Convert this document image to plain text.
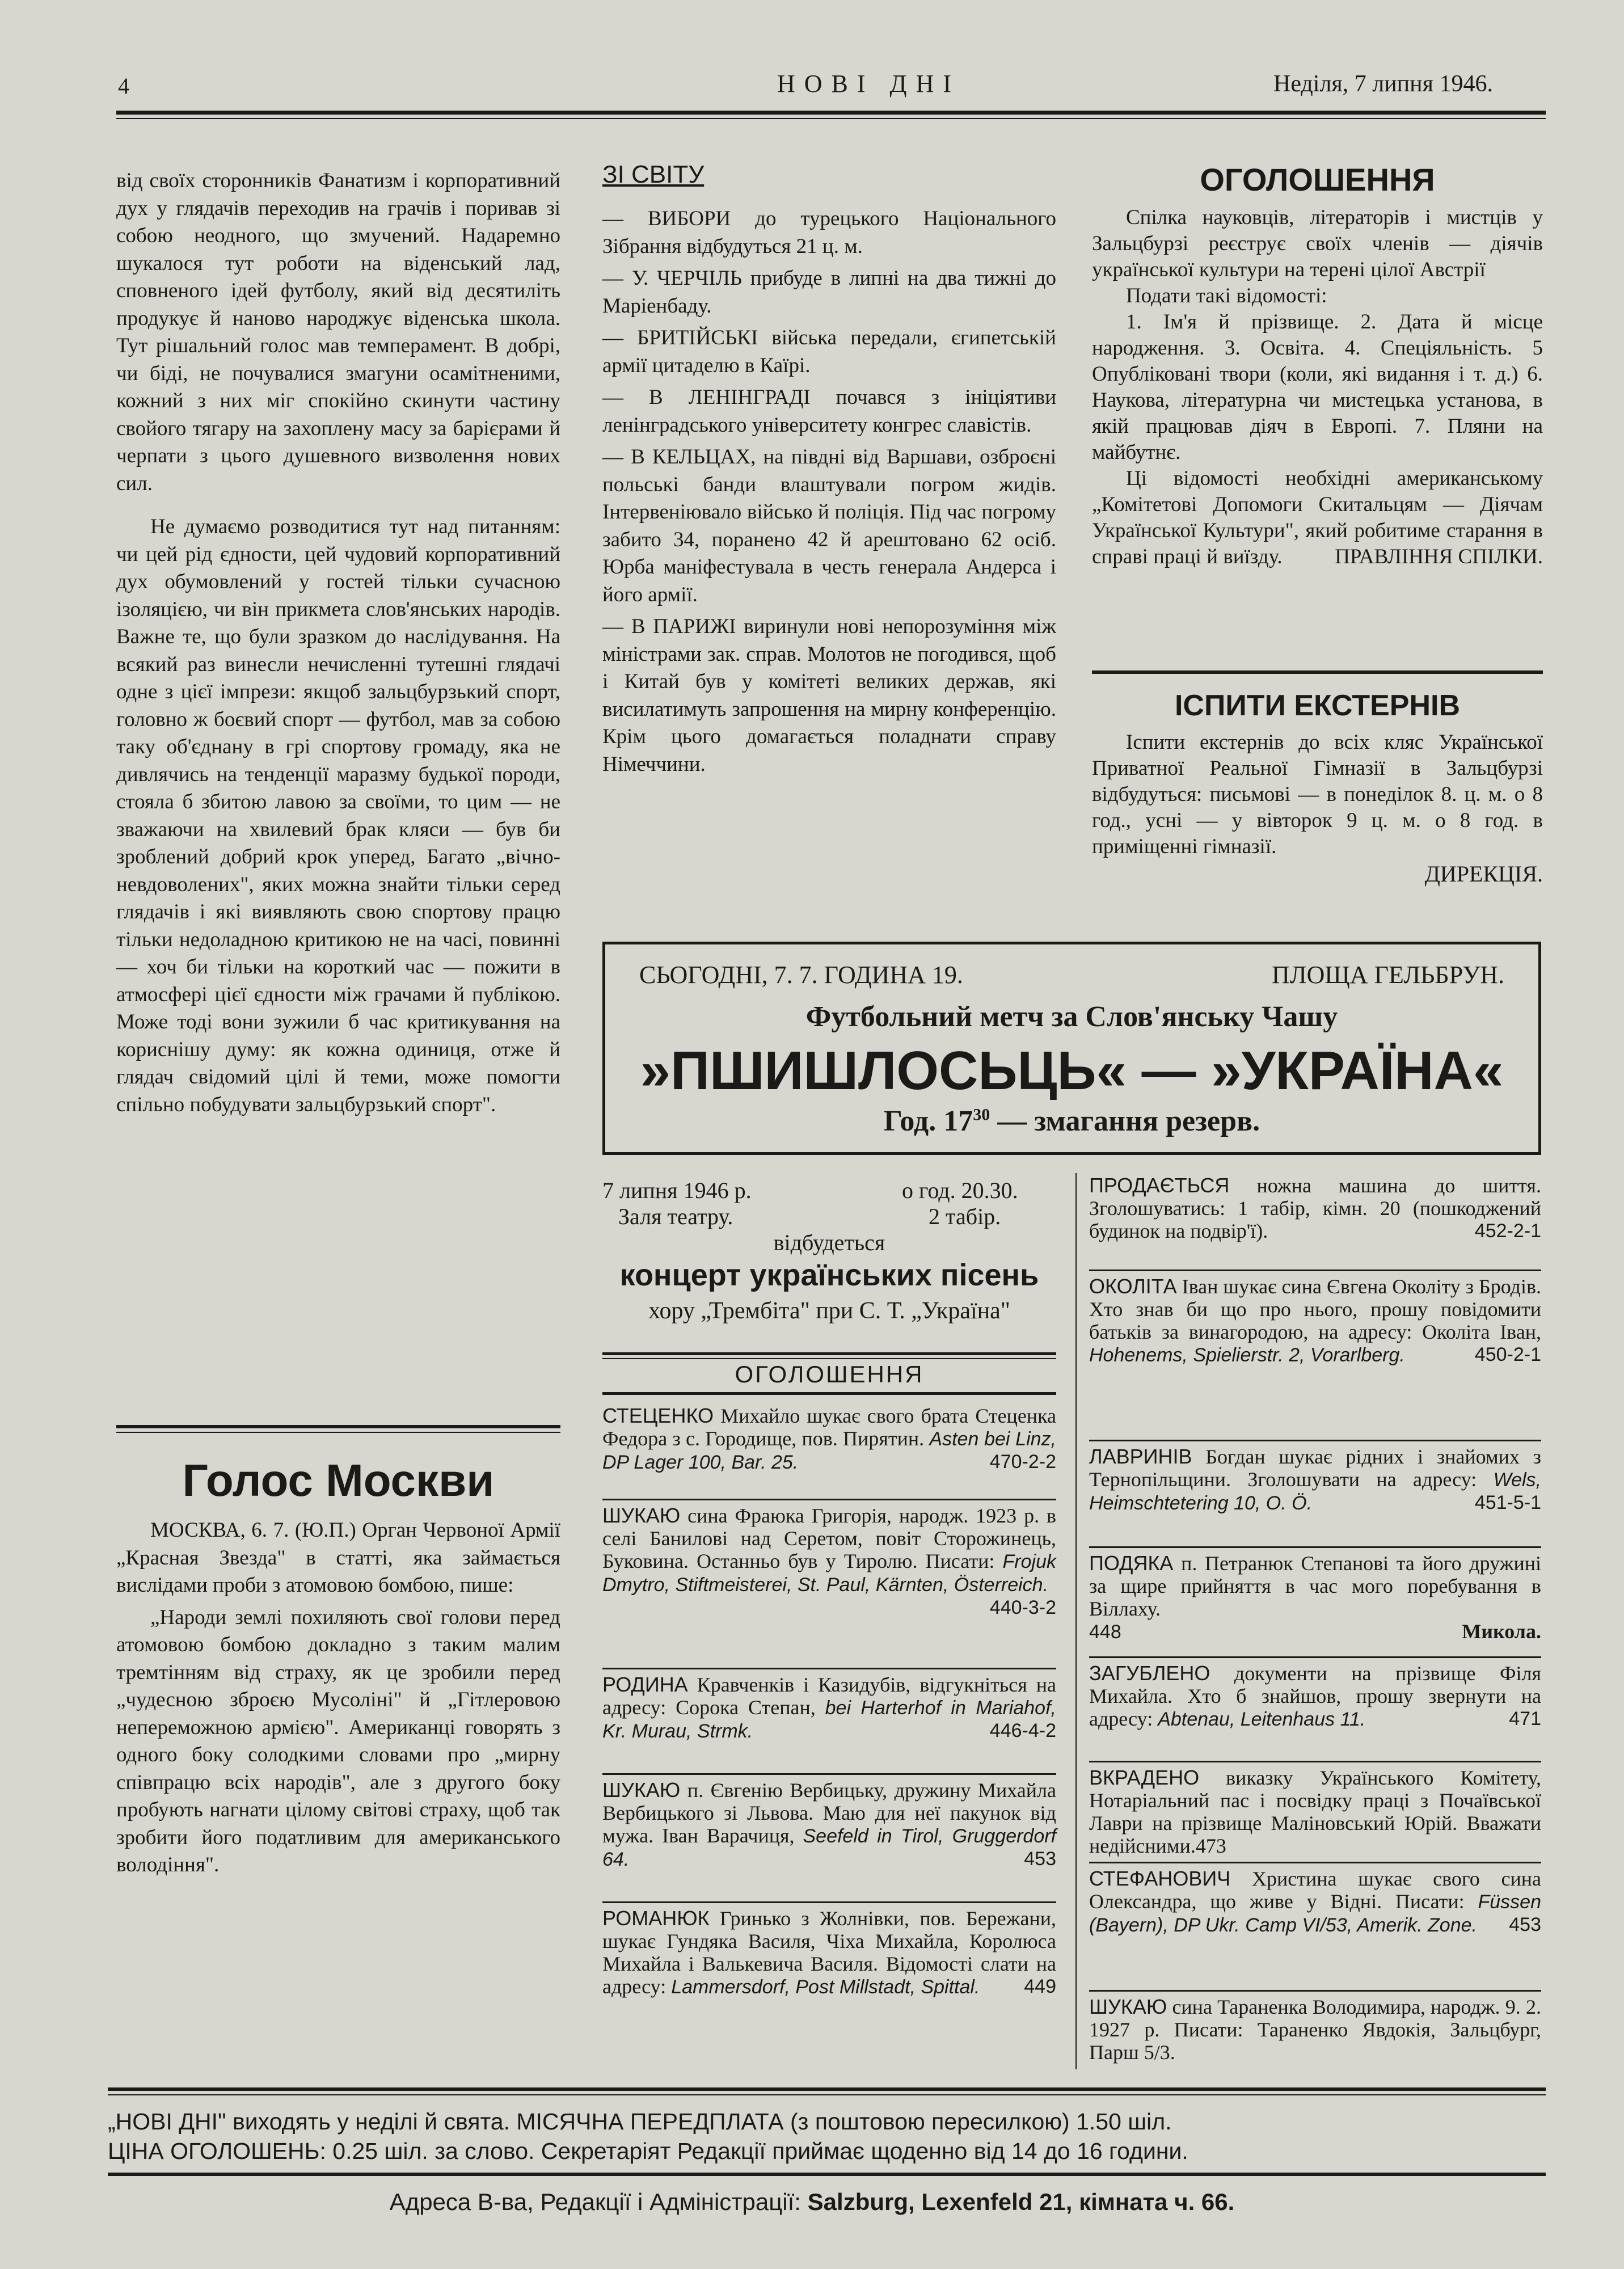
4	НОВІ ДНІ	Неділя, 7 липня 1946.

від своїх сторонників Фанатизм і корпоративний дух у глядачів переходив на грачів і поривав зі собою неодного, що змучений. Надаремно шукалося тут роботи на віденський лад, сповненого ідей футболу, який від десятиліть продукує й наново народжує віденська школа. Тут рішальний голос мав темперамент. В добрі, чи біді, не почувалися змагуни осамітненими, кожний з них міг спокійно скинути частину свойого тягару на захоплену масу за барієрами й черпати з цього душевного визволення нових сил.

Не думаємо розводитися тут над питанням: чи цей рід єдности, цей чудовий корпоративний дух обумовлений у гостей тільки сучасною ізоляцією, чи він прикмета слов'янських народів. Важне те, що були зразком до наслідування. На всякий раз винесли нечисленні тутешні глядачі одне з цієї імпрези: якщоб зальцбурзький спорт, головно ж боєвий спорт — футбол, мав за собою таку об'єднану в грі спортову громаду, яка не дивлячись на тенденції маразму будької породи, стояла б збитою лавою за своїми, то цим — не зважаючи на хвилевий брак кляси — був би зроблений добрий крок уперед, Багато „вічно-невдоволених", яких можна знайти тільки серед глядачів і які виявляють свою спортову працю тільки недоладною критикою не на часі, повинні — хоч би тільки на короткий час — пожити в атмосфері цієї єдности між грачами й публікою. Може тоді вони зужили б час критикування на кориснішу думу: як кожна одиниця, отже й глядач свідомий цілі й теми, може помогти спільно побудувати зальцбурзький спорт".

Голос Москви

МОСКВА, 6. 7. (Ю.П.) Орган Червоної Армії „Красная Звезда" в статті, яка займається вислідами проби з атомовою бомбою, пише:

„Народи землі похиляють свої голови перед атомовою бомбою докладно з таким малим тремтінням від страху, як це зробили перед „чудесною зброєю Мусоліні" й „Гітлеровою непереможною армією". Американці говорять з одного боку солодкими словами про „мирну співпрацю всіх народів", але з другого боку пробують нагнати цілому світові страху, щоб так зробити його податливим для американського володіння".

ЗІ СВІТУ

— ВИБОРИ до турецького Національного Зібрання відбудуться 21 ц. м.

— У. ЧЕРЧІЛЬ прибуде в липні на два тижні до Маріенбаду.

— БРИТІЙСЬКІ війська передали, єгипетській армії цитаделю в Каїрі.

— В ЛЕНІНГРАДІ почався з ініціятиви ленінградського університету конгрес славістів.

— В КЕЛЬЦАХ, на півдні від Варшави, озброєні польські банди влаштували погром жидів. Інтервеніювало військо й поліція. Під час погрому забито 34, поранено 42 й арештовано 62 осіб. Юрба маніфестувала в честь генерала Андерса і його армії.

— В ПАРИЖІ виринули нові непорозуміння між міністрами зак. справ. Молотов не погодився, щоб і Китай був у комітеті великих держав, які висилатимуть запрошення на мирну конференцію. Крім цього домагається поладнати справу Німеччини.

ОГОЛОШЕННЯ

Спілка науковців, літераторів і мистців у Зальцбурзі реєструє своїх членів — діячів української культури на терені цілої Австрії

Подати такі відомості:

1. Ім'я й прізвище. 2. Дата й місце народження. 3. Освіта. 4. Спеціяльність. 5 Опубліковані твори (коли, які видання і т. д.) 6. Наукова, літературна чи мистецька установа, в якій працював діяч в Европі. 7. Пляни на майбутнє.

Ці відомості необхідні американському „Комітетові Допомоги Скитальцям — Діячам Української Культури", який робитиме старання в справі праці й виїзду.	ПРАВЛІННЯ СПІЛКИ.

ІСПИТИ ЕКСТЕРНІВ

Іспити екстернів до всіх кляс Української Приватної Реальної Гімназії в Зальцбурзі відбудуться: письмові — в понеділок 8. ц. м. о 8 год., усні — у вівторок 9 ц. м. о 8 год. в приміщенні гімназії.

ДИРЕКЦІЯ.
СЬОГОДНІ, 7. 7. ГОДИНА 19.	ПЛОЩА ГЕЛЬБРУН.
Футбольний метч за Слов'янську Чашу
»ПШИШЛОСЬЦЬ« — »УКРАЇНА«
Год. $17^{30}$ — змагання резерв.
7 липня 1946 р.	о год. 20.30.
Заля театру.	2 табір.
відбудеться
концерт українських пісень
хору „Трембіта" при С. Т. „Україна"
ОГОЛОШЕННЯ

СТЕЦЕНКО Михайло шукає свого брата Стеценка Федора з с. Городище, пов. Пирятин. Asten bei Linz, DP Lager 100, Bar. 25.	470-2-2

ШУКАЮ сина Фраюка Григорія, народж. 1923 р. в селі Банилові над Серетом, повіт Сторожинець, Буковина. Останньо був у Тиролю. Писати: Frojuk Dmytro, Stiftmeisterei, St. Paul, Kärnten, Österreich.
440-3-2

РОДИНА Кравченків і Казидубів, відгукніться на адресу: Сорока Степан, bei Harterhof in Mariahof, Kr. Murau, Strmk.	446-4-2

ШУКАЮ п. Євгенію Вербицьку, дружину Михайла Вербицького зі Львова. Маю для неї пакунок від мужа. Іван Варачиця, Seefeld in Tirol, Gruggerdorf 64.	453

РОМАНЮК Гринько з Жолнівки, пов. Бережани, шукає Гундяка Василя, Чіха Михайла, Королюса Михайла і Валькевича Василя. Відомості слати на адресу: Lammersdorf, Post Millstadt, Spittal. 449

ПРОДАЄТЬСЯ ножна машина до шиття. Зголошуватись: 1 табір, кімн. 20 (пошкоджений будинок на подвір'ї).	452-2-1

ОКОЛІТА Іван шукає сина Євгена Околіту з Бродів. Хто знав би що про нього, прошу повідомити батьків за винагородою, на адресу: Околіта Іван, Hohenems, Spielierstr. 2, Vorarlberg.	450-2-1

ЛАВРИНІВ Богдан шукає рідних і знайомих з Тернопільщини. Зголошувати на адресу: Wels, Heimschtetering 10, O. Ö.	451-5-1

ПОДЯКА п. Петранюк Степанові та його дружині за щире прийняття в час мого поребування в Віллаху.

448	Микола.

ЗАГУБЛЕНО документи на прізвище Філя Михайла. Хто б знайшов, прошу звернути на адресу: Abtenau, Leitenhaus 11.	471

ВКРАДЕНО виказку Українського Комітету, Нотаріальний пас і посвідку праці з Почаївської Лаври на прізвище Маліновський Юрій. Вважати недійсними.473

СТЕФАНОВИЧ Христина шукає свого сина Олександра, що живе у Відні. Писати: Füssen (Bayern), DP Ukr. Camp VI/53, Amerik. Zone. 453

ШУКАЮ сина Тараненка Володимира, народж. 9. 2. 1927 р. Писати: Тараненко Явдокія, Зальцбург, Парш 5/3.

„НОВІ ДНІ" виходять у неділі й свята. МІСЯЧНА ПЕРЕДПЛАТА (з поштовою пересилкою) 1.50 шіл.
ЦІНА ОГОЛОШЕНЬ: 0.25 шіл. за слово. Секретаріят Редакції приймає щоденно від 14 до 16 години.
Адреса В-ва, Редакції і Адміністрації: Salzburg, Lexenfeld 21, кімната ч. 66.
